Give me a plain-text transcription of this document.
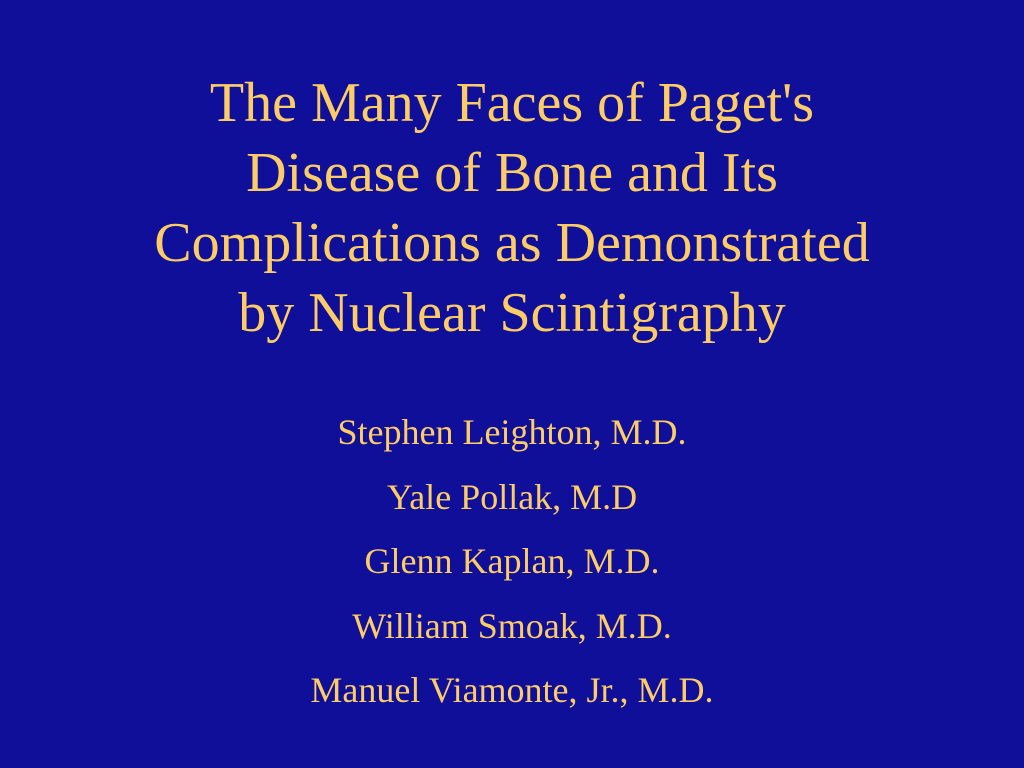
The Many Faces of Paget's
Disease of Bone and Its
Complications as Demonstrated
by Nuclear Scintigraphy
Stephen Leighton, M.D.
Yale Pollak, M.D
Glenn Kaplan, M.D.
William Smoak, M.D.
Manuel Viamonte, Jr., M.D.
